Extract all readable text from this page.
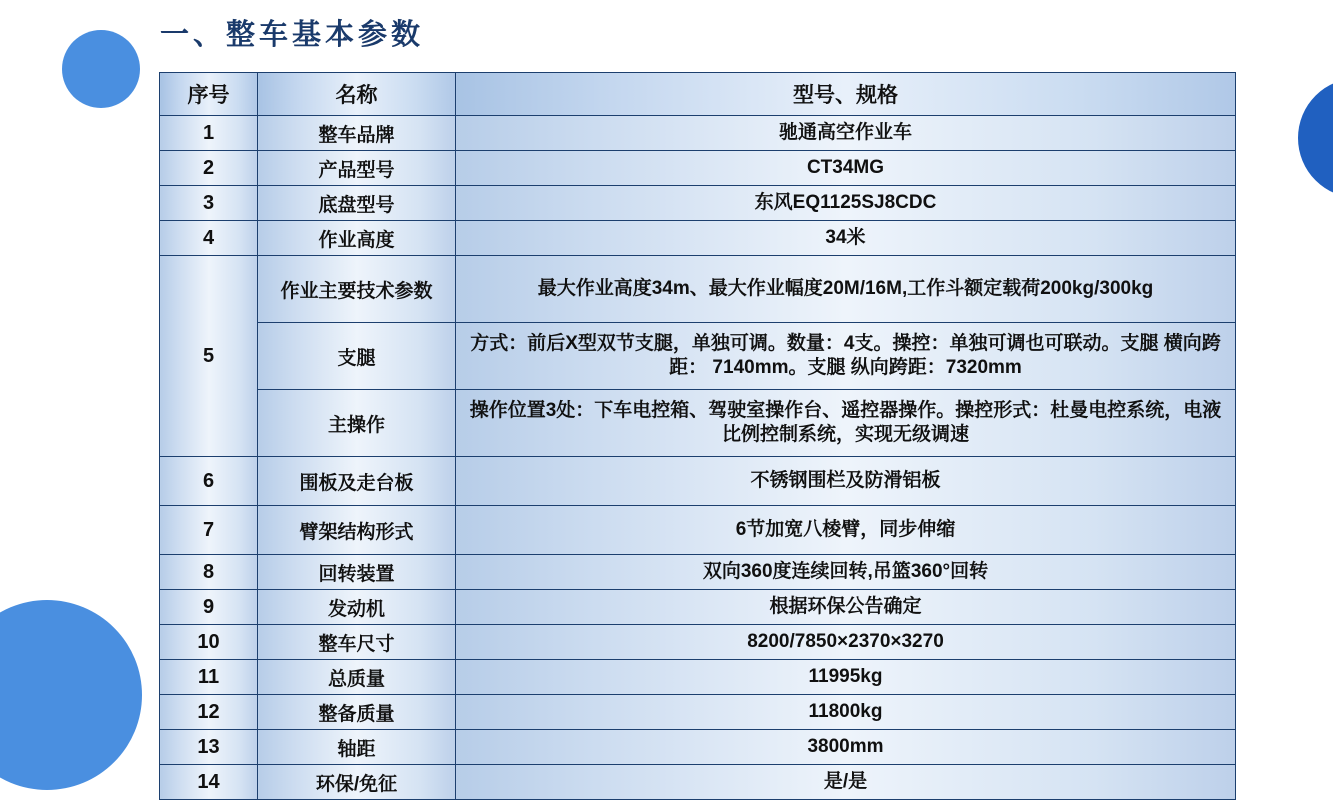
一、整车基本参数
序号	名称	型号、规格
1	整车品牌	驰通高空作业车
2	产品型号	CT34MG
3	底盘型号	东风EQ1125SJ8CDC
4	作业高度	34米
5	作业主要技术参数	最大作业高度34m、最大作业幅度20M/16M,工作斗额定载荷200kg/300kg

	支腿	方式：前后X型双节支腿，单独可调。数量：4支。操控：单独可调也可联动。支腿 横向跨距： 7140mm。支腿 纵向跨距：7320mm

	主操作	操作位置3处：下车电控箱、驾驶室操作台、遥控器操作。操控形式：杜曼电控系统，电液比例控制系统，实现无级调速

6	围板及走台板	不锈钢围栏及防滑铝板
7	臂架结构形式	6节加宽八棱臂，同步伸缩
8	回转装置	双向360度连续回转,吊篮360°回转
9	发动机	根据环保公告确定
10	整车尺寸	8200/7850×2370×3270
11	总质量	11995kg
12	整备质量	11800kg
13	轴距	3800mm
14	环保/免征	是/是
